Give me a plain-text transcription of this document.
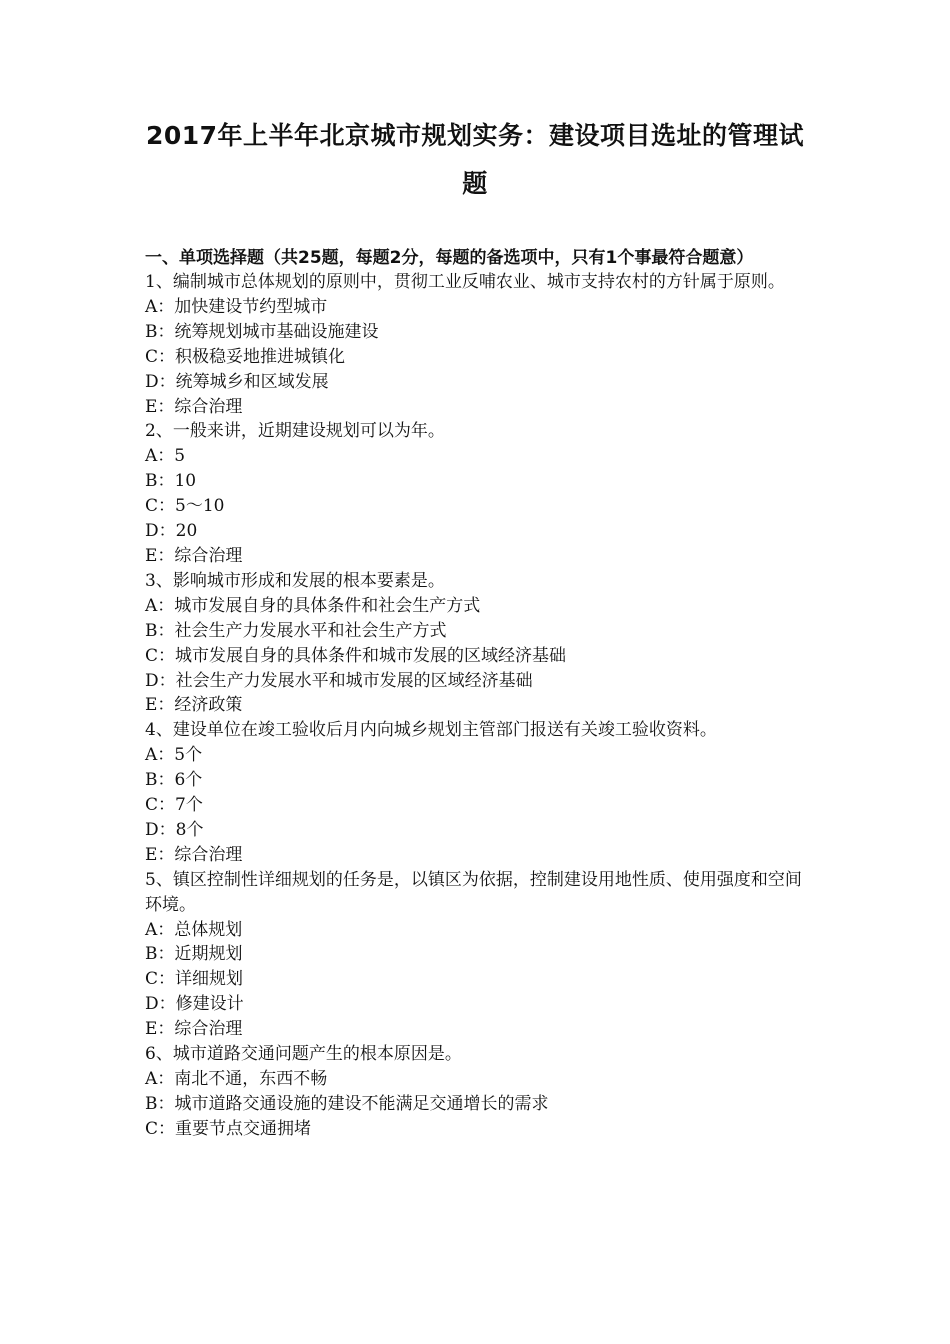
2017年上半年北京城市规划实务：建设项目选址的管理试题
一、单项选择题（共25题，每题2分，每题的备选项中，只有1个事最符合题意）

1、编制城市总体规划的原则中，贯彻工业反哺农业、城市支持农村的方针属于原则。

A：加快建设节约型城市

B：统筹规划城市基础设施建设

C：积极稳妥地推进城镇化

D：统筹城乡和区域发展

E：综合治理

2、一般来讲，近期建设规划可以为年。

A：5

B：10

C：5～10

D：20

E：综合治理

3、影响城市形成和发展的根本要素是。

A：城市发展自身的具体条件和社会生产方式

B：社会生产力发展水平和社会生产方式

C：城市发展自身的具体条件和城市发展的区域经济基础

D：社会生产力发展水平和城市发展的区域经济基础

E：经济政策

4、建设单位在竣工验收后月内向城乡规划主管部门报送有关竣工验收资料。

A：5个

B：6个

C：7个

D：8个

E：综合治理

5、镇区控制性详细规划的任务是，以镇区为依据，控制建设用地性质、使用强度和空间环境。

A：总体规划

B：近期规划

C：详细规划

D：修建设计

E：综合治理

6、城市道路交通问题产生的根本原因是。

A：南北不通，东西不畅

B：城市道路交通设施的建设不能满足交通增长的需求

C：重要节点交通拥堵
